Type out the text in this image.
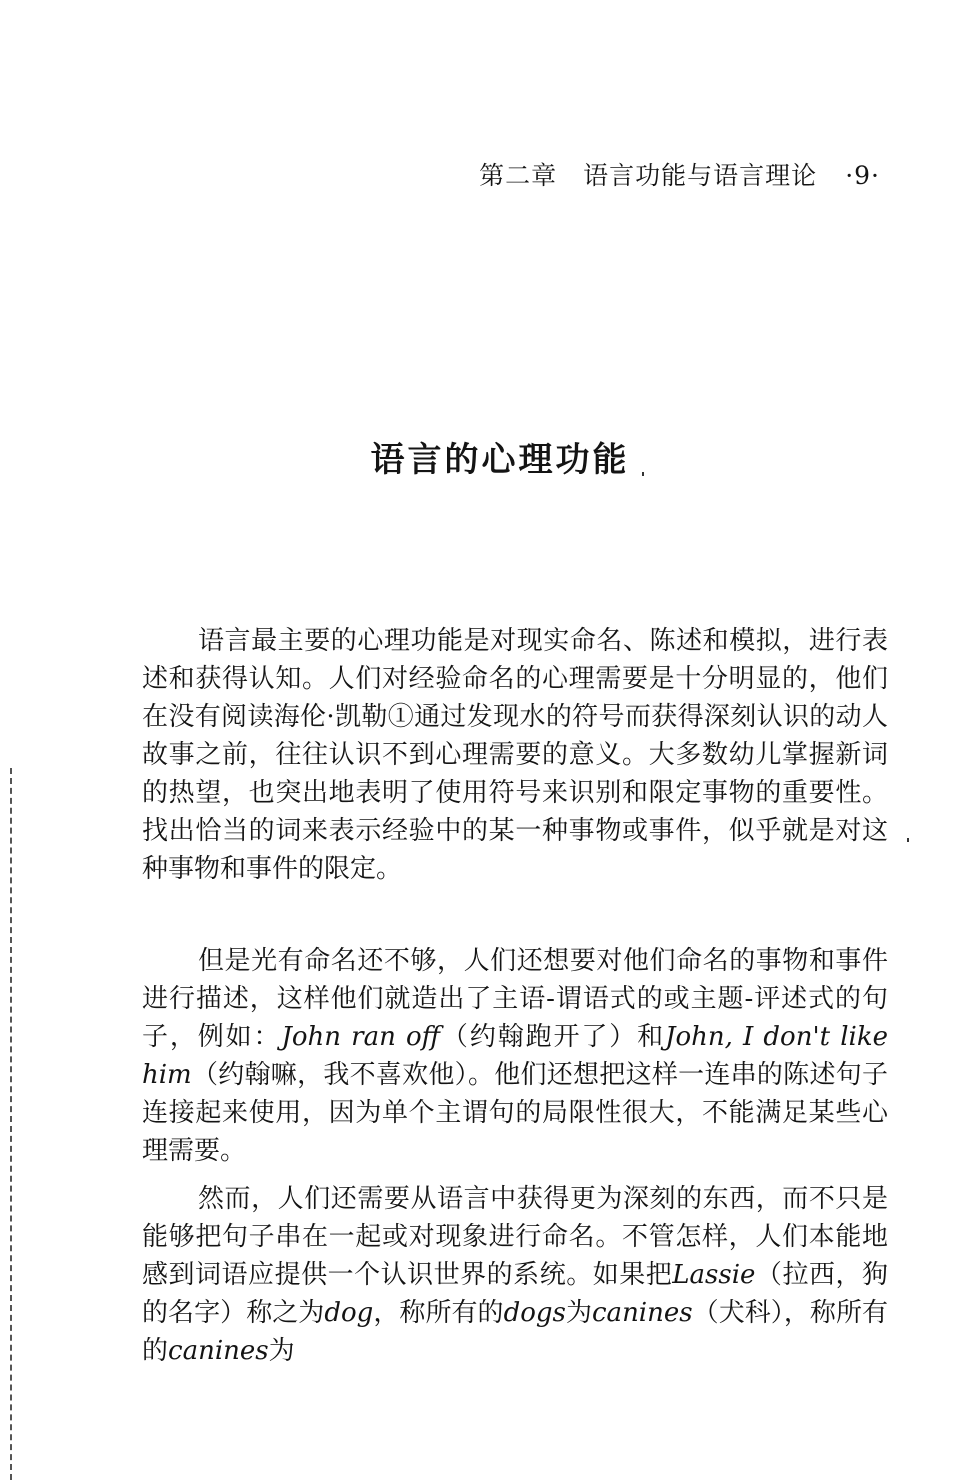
第二章　语言功能与语言理论 ·9·
语言的心理功能
语言最主要的心理功能是对现实命名、陈述和模拟，进行表述和获得认知。人们对经验命名的心理需要是十分明显的，他们在没有阅读海伦·凯勒①通过发现水的符号而获得深刻认识的动人故事之前，往往认识不到心理需要的意义。大多数幼儿掌握新词的热望，也突出地表明了使用符号来识别和限定事物的重要性。找出恰当的词来表示经验中的某一种事物或事件，似乎就是对这种事物和事件的限定。
但是光有命名还不够，人们还想要对他们命名的事物和事件进行描述，这样他们就造出了主语-谓语式的或主题-评述式的句子，例如：John ran off（约翰跑开了）和John, I don't like him（约翰嘛，我不喜欢他）。他们还想把这样一连串的陈述句子连接起来使用，因为单个主谓句的局限性很大，不能满足某些心理需要。
然而，人们还需要从语言中获得更为深刻的东西，而不只是能够把句子串在一起或对现象进行命名。不管怎样，人们本能地感到词语应提供一个认识世界的系统。如果把Lassie（拉西，狗的名字）称之为dog，称所有的dogs为canines（犬科），称所有的canines为
